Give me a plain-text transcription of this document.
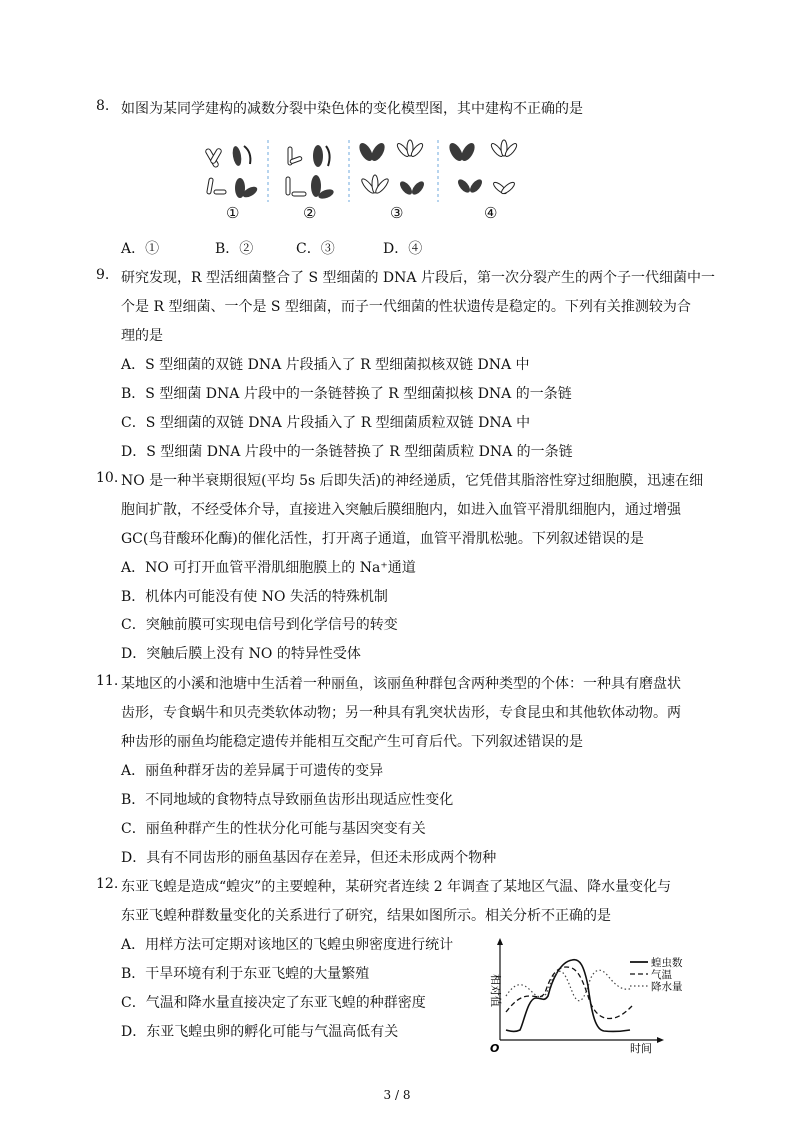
8. 如图为某同学建构的减数分裂中染色体的变化模型图，其中建构不正确的是
①	②	③	④
A．①	B．②	C．③	D．④
9. 研究发现，R 型活细菌整合了 S 型细菌的 DNA 片段后，第一次分裂产生的两个子一代细菌中一
个是 R 型细菌、一个是 S 型细菌，而子一代细菌的性状遗传是稳定的。下列有关推测较为合
理的是
A．S 型细菌的双链 DNA 片段插入了 R 型细菌拟核双链 DNA 中
B．S 型细菌 DNA 片段中的一条链替换了 R 型细菌拟核 DNA 的一条链
C．S 型细菌的双链 DNA 片段插入了 R 型细菌质粒双链 DNA 中
D．S 型细菌 DNA 片段中的一条链替换了 R 型细菌质粒 DNA 的一条链
10. NO 是一种半衰期很短(平均 5s 后即失活)的神经递质，它凭借其脂溶性穿过细胞膜，迅速在细
胞间扩散，不经受体介导，直接进入突触后膜细胞内，如进入血管平滑肌细胞内，通过增强
GC(鸟苷酸环化酶)的催化活性，打开离子通道，血管平滑肌松驰。下列叙述错误的是
A．NO 可打开血管平滑肌细胞膜上的 Na⁺通道
B．机体内可能没有使 NO 失活的特殊机制
C．突触前膜可实现电信号到化学信号的转变
D．突触后膜上没有 NO 的特异性受体
11. 某地区的小溪和池塘中生活着一种丽鱼，该丽鱼种群包含两种类型的个体：一种具有磨盘状
齿形，专食蜗牛和贝壳类软体动物；另一种具有乳突状齿形，专食昆虫和其他软体动物。两
种齿形的丽鱼均能稳定遗传并能相互交配产生可育后代。下列叙述错误的是
A．丽鱼种群牙齿的差异属于可遗传的变异
B．不同地域的食物特点导致丽鱼齿形出现适应性变化
C．丽鱼种群产生的性状分化可能与基因突变有关
D．具有不同齿形的丽鱼基因存在差异，但还未形成两个物种
12. 东亚飞蝗是造成“蝗灾”的主要蝗种，某研究者连续 2 年调查了某地区气温、降水量变化与
东亚飞蝗种群数量变化的关系进行了研究，结果如图所示。相关分析不正确的是
A．用样方法可定期对该地区的飞蝗虫卵密度进行统计
B．干旱环境有利于东亚飞蝗的大量繁殖
C．气温和降水量直接决定了东亚飞蝗的种群密度
D．东亚飞蝗虫卵的孵化可能与气温高低有关
相对值
O	时间
蝗虫数
气温
降水量
3 / 8
